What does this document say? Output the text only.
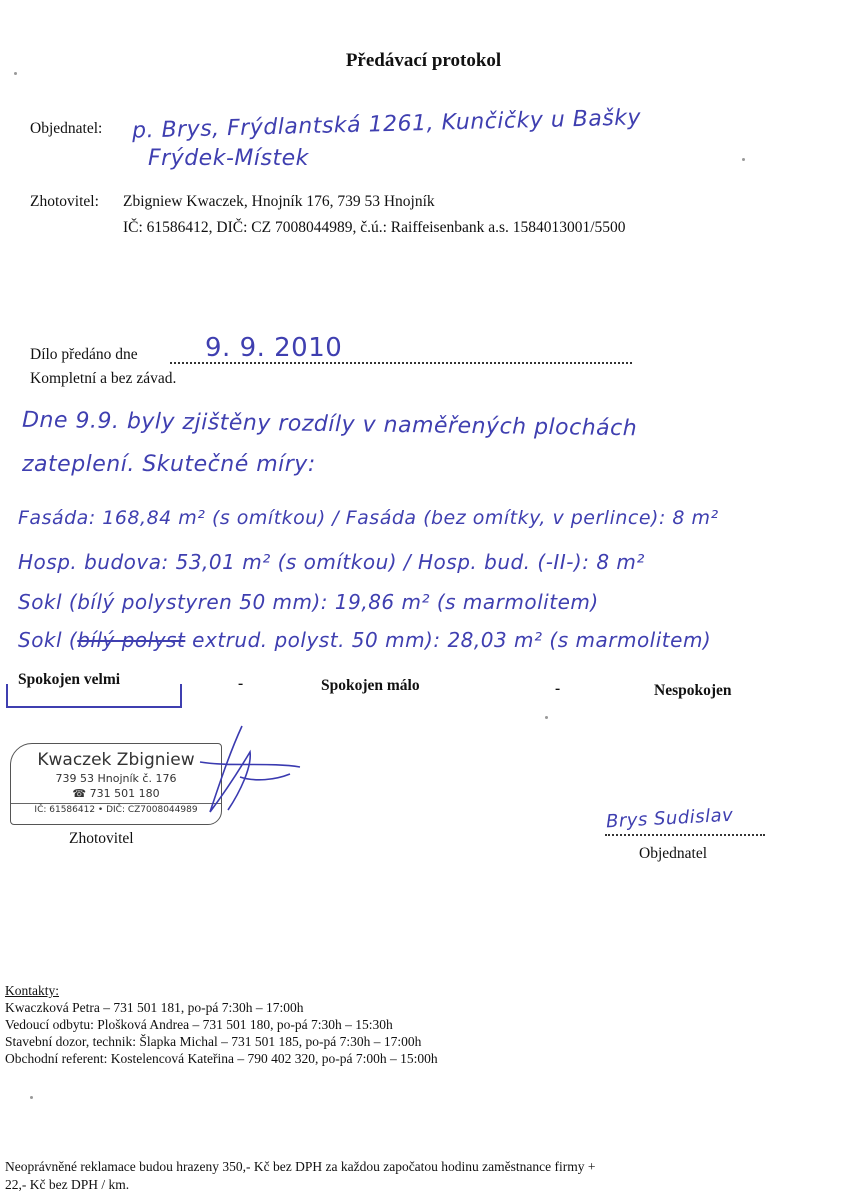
Předávací protokol
Objednatel: p. Brys, Frýdlantská 1261, Kunčičky u Bašky
Frýdek-Místek
Zhotovitel: Zbigniew Kwaczek, Hnojník 176, 739 53 Hnojník
IČ: 61586412, DIČ: CZ 7008044989, č.ú.: Raiffeisenbank a.s. 1584013001/5500
Dílo předáno dne	9. 9. 2010
Kompletní a bez závad.
Dne 9.9. byly zjištěny rozdíly v naměřených plochách
zateplení. Skutečné míry:
Fasáda: 168,84 m² (s omítkou) / Fasáda (bez omítky, v perlince): 8 m²
Hosp. budova: 53,01 m² (s omítkou) / Hosp. bud. (-II-): 8 m²
Sokl (bílý polystyren 50 mm): 19,86 m² (s marmolitem)
Sokl (bílý polyst extrud. polyst. 50 mm): 28,03 m² (s marmolitem)
Spokojen velmi	-	Spokojen málo	-	Nespokojen
Kwaczek Zbigniew
739 53 Hnojník č. 176
☎ 731 501 180
IČ: 61586412 • DIČ: CZ7008044989
Zhotovitel
Brys Sudislav
Objednatel
Kontakty:
Kwaczková Petra – 731 501 181, po-pá 7:30h – 17:00h
Vedoucí odbytu: Plošková Andrea – 731 501 180, po-pá 7:30h – 15:30h
Stavební dozor, technik: Šlapka Michal – 731 501 185, po-pá 7:30h – 17:00h
Obchodní referent: Kostelencová Kateřina – 790 402 320, po-pá 7:00h – 15:00h
Neoprávněné reklamace budou hrazeny 350,- Kč bez DPH za každou započatou hodinu zaměstnance firmy +
22,- Kč bez DPH / km.
